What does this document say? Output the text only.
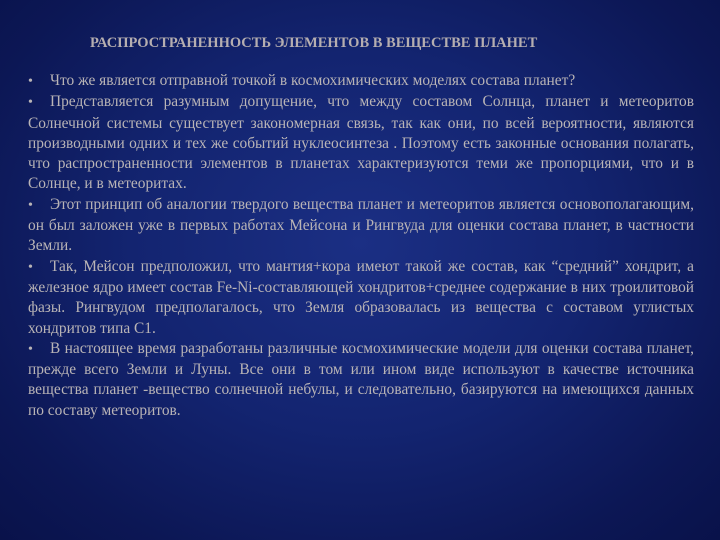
РАСПРОСТРАНЕННОСТЬ ЭЛЕМЕНТОВ В ВЕЩЕСТВЕ ПЛАНЕТ

• Что же является отправной точкой в космохимических моделях состава планет?

• Представляется разумным допущение, что между составом Солнца, планет и метеоритов Солнечной системы существует закономерная связь, так как они, по всей вероятности, являются производными одних и тех же событий нуклеосинтеза . Поэтому есть законные основания полагать, что распространенности элементов в планетах характеризуются теми же пропорциями, что и в Солнце, и в метеоритах.

• Этот принцип об аналогии твердого вещества планет и метеоритов является основополагающим, он был заложен уже в первых работах Мейсона и Рингвуда для оценки состава планет, в частности Земли.

• Так, Мейсон предположил, что мантия+кора имеют такой же состав, как “средний” хондрит, а железное ядро имеет состав Fe-Ni-составляющей хондритов+среднее содержание в них троилитовой фазы. Рингвудом предполагалось, что Земля образовалась из вещества с составом углистых хондритов типа С1.

• В настоящее время разработаны различные космохимические модели для оценки состава планет, прежде всего Земли и Луны. Все они в том или ином виде используют в качестве источника вещества планет -вещество солнечной небулы, и следовательно, базируются на имеющихся данных по составу метеоритов.
